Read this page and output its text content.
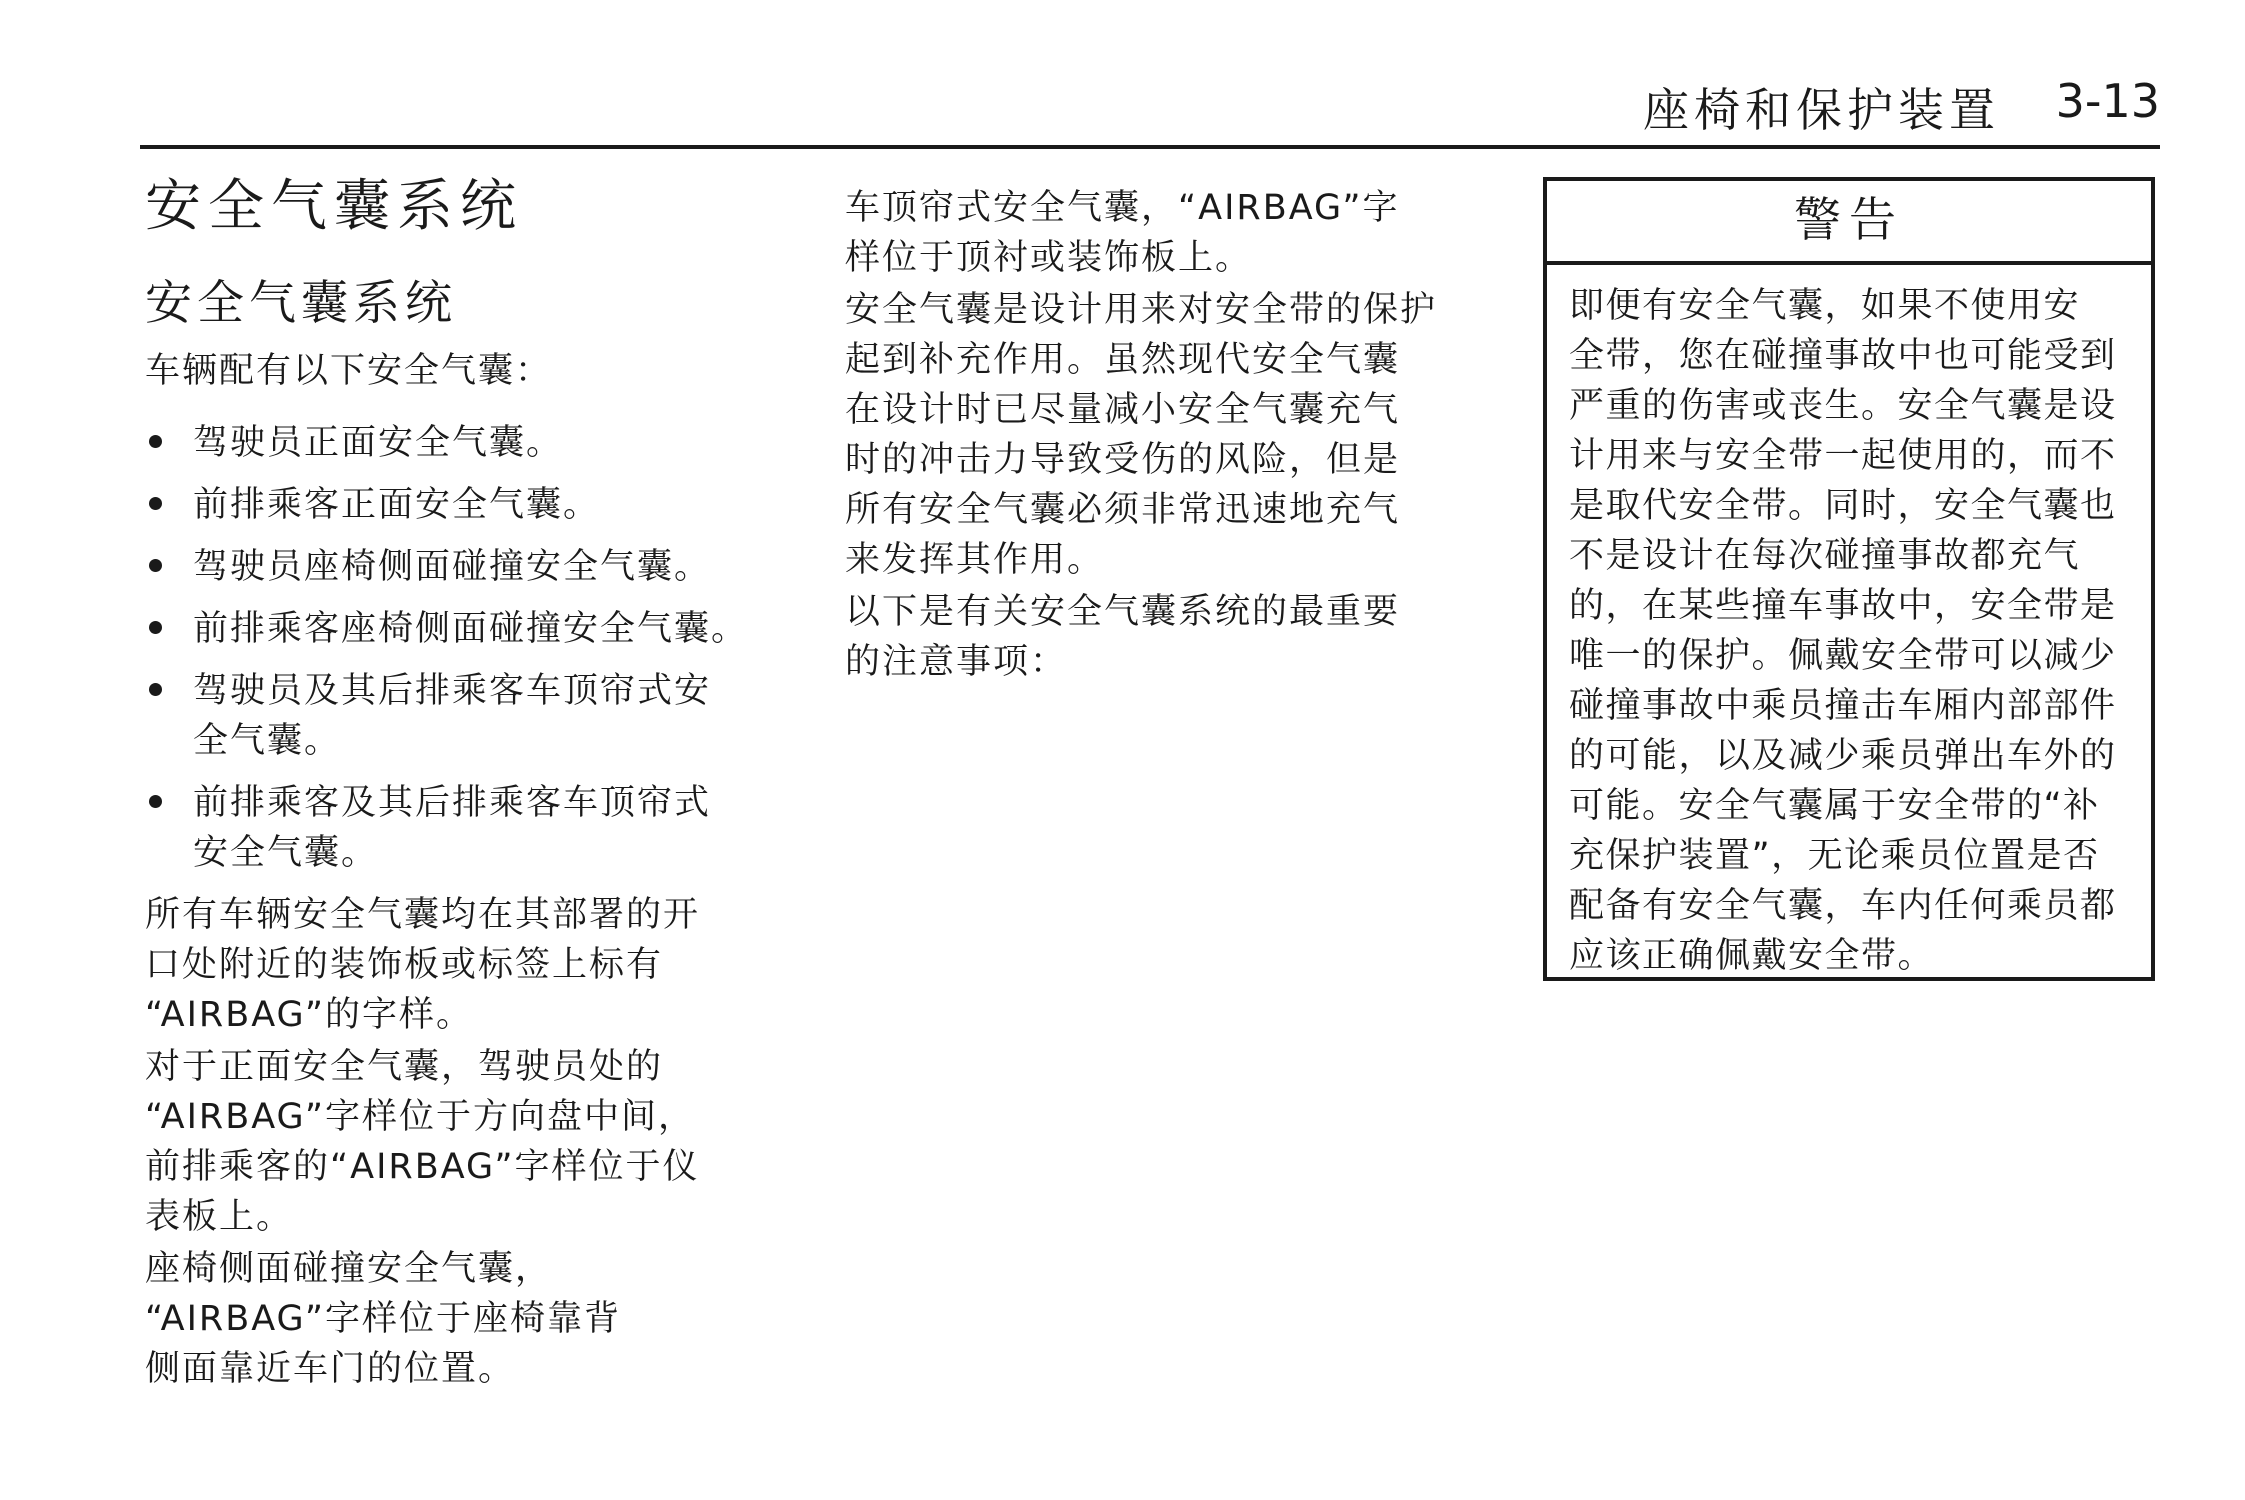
座椅和保护装置 3-13
安全气囊系统
安全气囊系统
车辆配有以下安全气囊：
驾驶员正面安全气囊。
前排乘客正面安全气囊。
驾驶员座椅侧面碰撞安全气囊。
前排乘客座椅侧面碰撞安全气囊。
驾驶员及其后排乘客车顶帘式安
全气囊。
前排乘客及其后排乘客车顶帘式
安全气囊。
所有车辆安全气囊均在其部署的开
口处附近的装饰板或标签上标有
“AIRBAG”的字样。
对于正面安全气囊，驾驶员处的
“AIRBAG”字样位于方向盘中间，
前排乘客的“AIRBAG”字样位于仪
表板上。
座椅侧面碰撞安全气囊，
“AIRBAG”字样位于座椅靠背
侧面靠近车门的位置。
车顶帘式安全气囊，“AIRBAG”字
样位于顶衬或装饰板上。
安全气囊是设计用来对安全带的保护
起到补充作用。虽然现代安全气囊
在设计时已尽量减小安全气囊充气
时的冲击力导致受伤的风险，但是
所有安全气囊必须非常迅速地充气
来发挥其作用。
以下是有关安全气囊系统的最重要
的注意事项：
警告
即便有安全气囊，如果不使用安
全带，您在碰撞事故中也可能受到
严重的伤害或丧生。安全气囊是设
计用来与安全带一起使用的，而不
是取代安全带。同时，安全气囊也
不是设计在每次碰撞事故都充气
的，在某些撞车事故中，安全带是
唯一的保护。佩戴安全带可以减少
碰撞事故中乘员撞击车厢内部部件
的可能，以及减少乘员弹出车外的
可能。安全气囊属于安全带的“补
充保护装置”，无论乘员位置是否
配备有安全气囊，车内任何乘员都
应该正确佩戴安全带。
